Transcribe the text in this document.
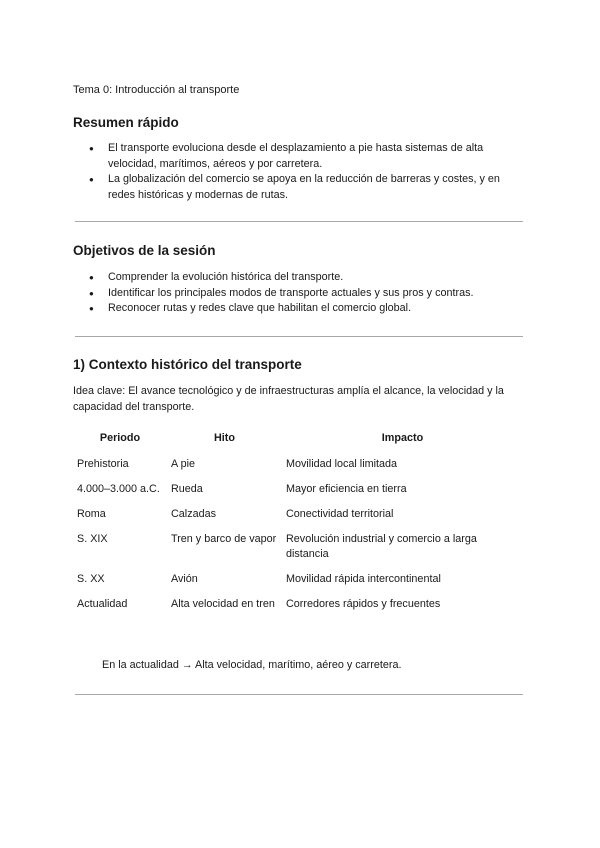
Tema 0: Introducción al transporte
Resumen rápido
● El transporte evoluciona desde el desplazamiento a pie hasta sistemas de alta velocidad, marítimos, aéreos y por carretera.
● La globalización del comercio se apoya en la reducción de barreras y costes, y en redes históricas y modernas de rutas.
Objetivos de la sesión
● Comprender la evolución histórica del transporte.
● Identificar los principales modos de transporte actuales y sus pros y contras.
● Reconocer rutas y redes clave que habilitan el comercio global.
1) Contexto histórico del transporte
Idea clave: El avance tecnológico y de infraestructuras amplía el alcance, la velocidad y la capacidad del transporte.
Periodo	Hito	Impacto
Prehistoria	A pie	Movilidad local limitada
4.000–3.000 a.C.	Rueda	Mayor eficiencia en tierra
Roma	Calzadas	Conectividad territorial
S. XIX	Tren y barco de vapor	Revolución industrial y comercio a larga distancia
S. XX	Avión	Movilidad rápida intercontinental
Actualidad	Alta velocidad en tren	Corredores rápidos y frecuentes
En la actualidad → Alta velocidad, marítimo, aéreo y carretera.
